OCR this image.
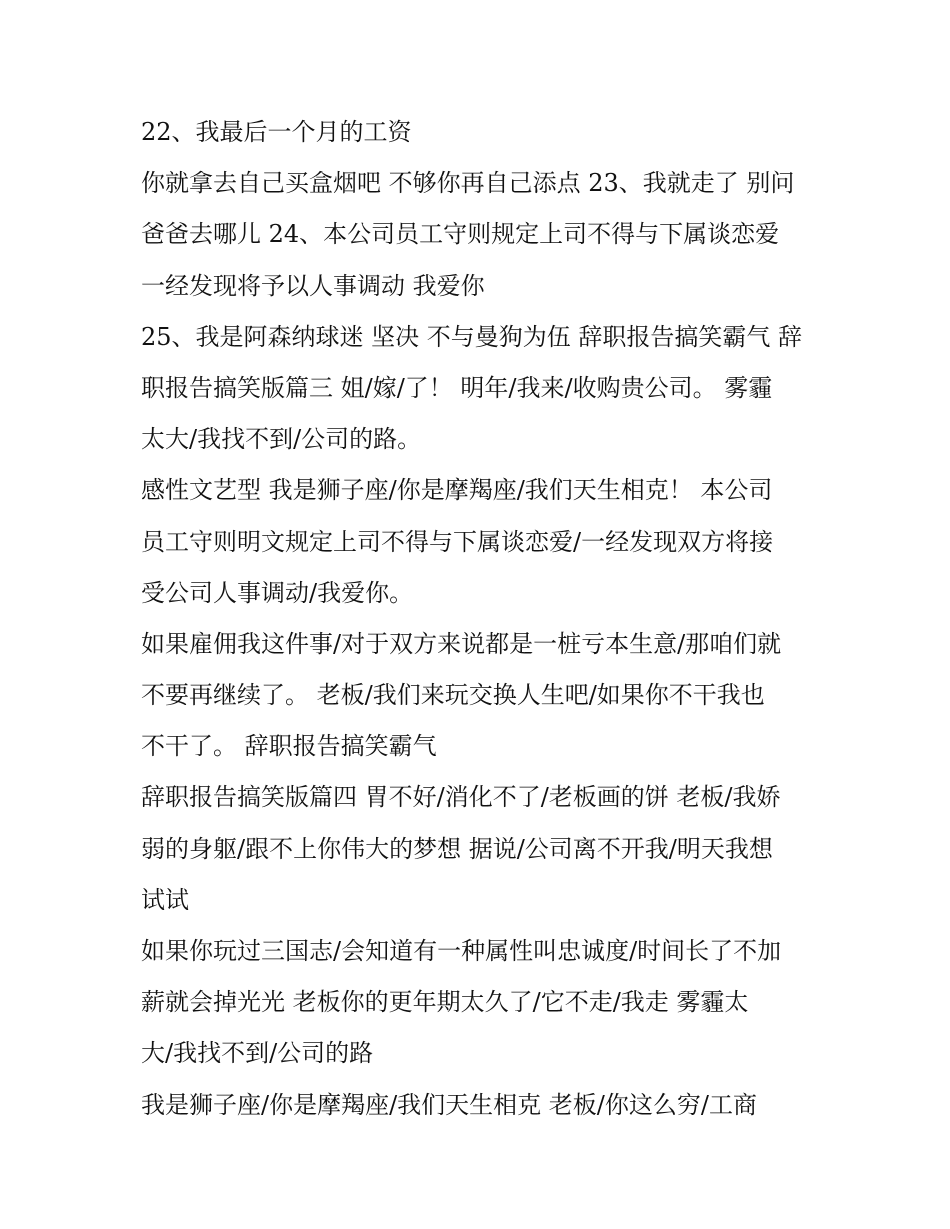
22、我最后一个月的工资
你就拿去自己买盒烟吧 不够你再自己添点 23、我就走了 别问
爸爸去哪儿 24、本公司员工守则规定上司不得与下属谈恋爱
一经发现将予以人事调动 我爱你
25、我是阿森纳球迷 坚决 不与曼狗为伍 辞职报告搞笑霸气 辞
职报告搞笑版篇三 姐/嫁/了！ 明年/我来/收购贵公司。 雾霾
太大/我找不到/公司的路。
感性文艺型 我是狮子座/你是摩羯座/我们天生相克！ 本公司
员工守则明文规定上司不得与下属谈恋爱/一经发现双方将接
受公司人事调动/我爱你。
如果雇佣我这件事/对于双方来说都是一桩亏本生意/那咱们就
不要再继续了。 老板/我们来玩交换人生吧/如果你不干我也
不干了。 辞职报告搞笑霸气
辞职报告搞笑版篇四 胃不好/消化不了/老板画的饼 老板/我娇
弱的身躯/跟不上你伟大的梦想 据说/公司离不开我/明天我想
试试
如果你玩过三国志/会知道有一种属性叫忠诚度/时间长了不加
薪就会掉光光 老板你的更年期太久了/它不走/我走 雾霾太
大/我找不到/公司的路
我是狮子座/你是摩羯座/我们天生相克 老板/你这么穷/工商
